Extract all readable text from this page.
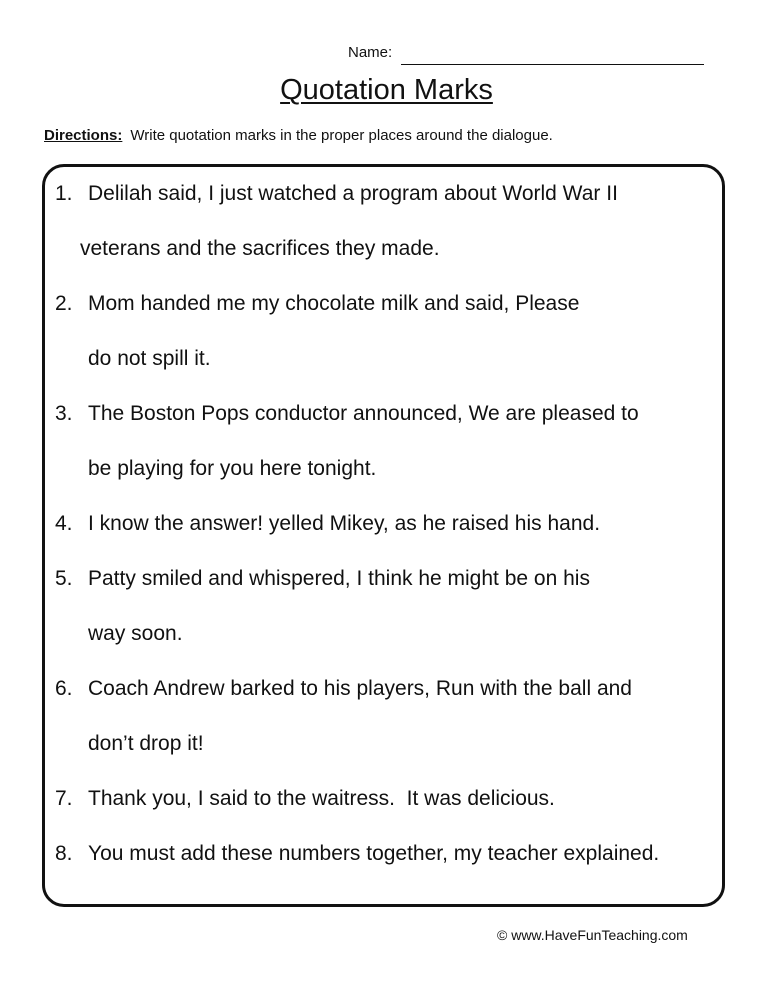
Name:
Quotation Marks
Directions: Write quotation marks in the proper places around the dialogue.
1. Delilah said, I just watched a program about World War II
veterans and the sacrifices they made.
2. Mom handed me my chocolate milk and said, Please
do not spill it.
3. The Boston Pops conductor announced, We are pleased to
be playing for you here tonight.
4. I know the answer! yelled Mikey, as he raised his hand.
5. Patty smiled and whispered, I think he might be on his
way soon.
6. Coach Andrew barked to his players, Run with the ball and
don’t drop it!
7. Thank you, I said to the waitress.  It was delicious.
8. You must add these numbers together, my teacher explained.
© www.HaveFunTeaching.com
